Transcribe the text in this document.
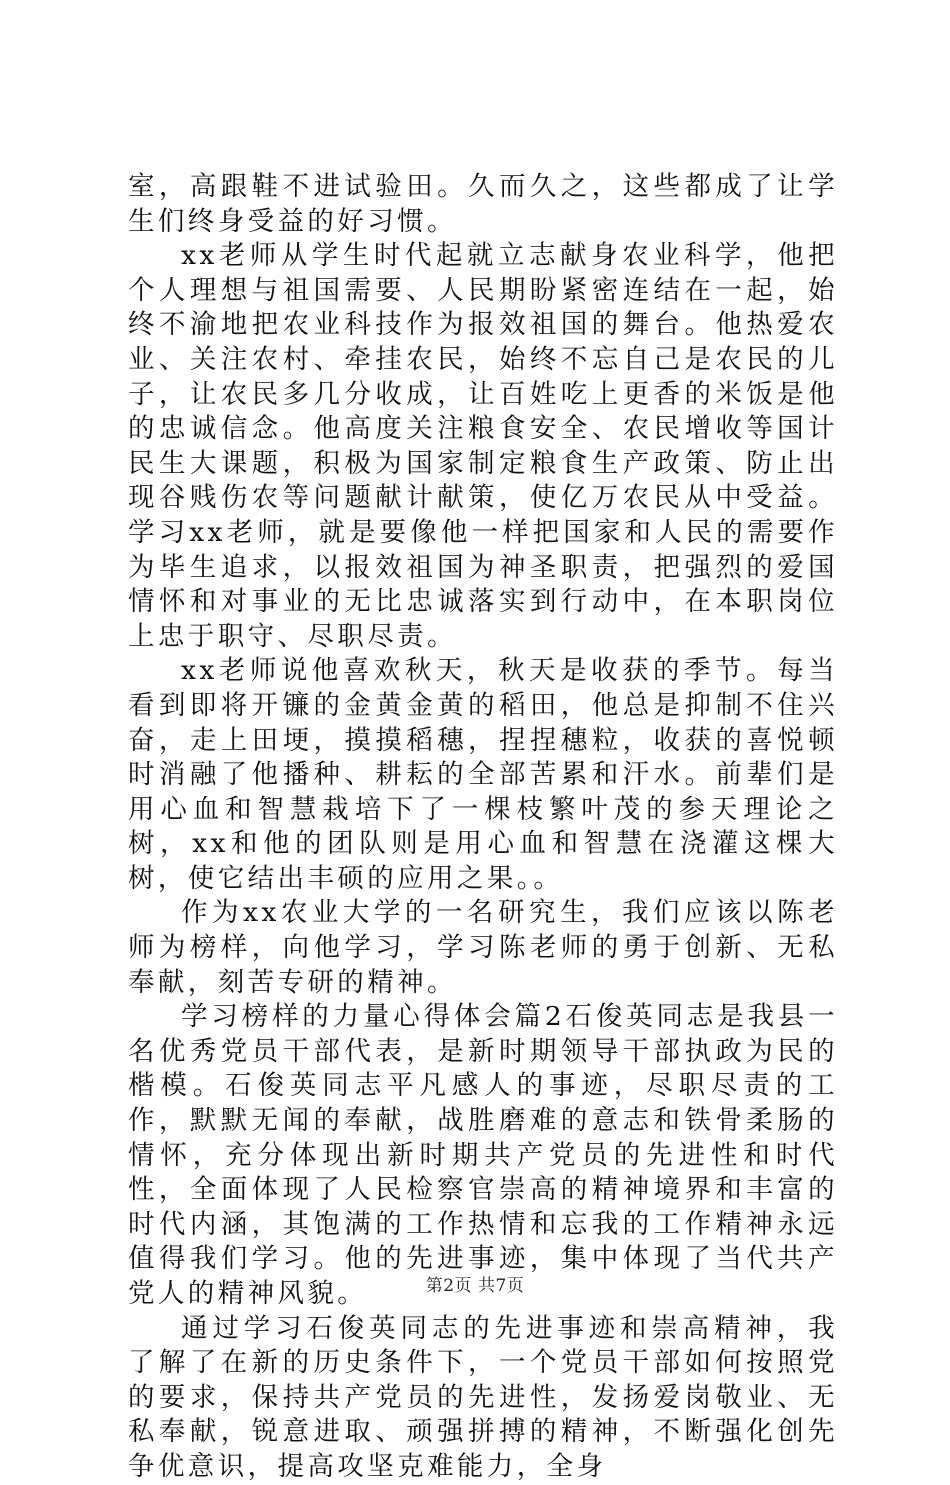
室，高跟鞋不进试验田。久而久之，这些都成了让学生们终身受益的好习惯。

xx老师从学生时代起就立志献身农业科学，他把个人理想与祖国需要、人民期盼紧密连结在一起，始终不渝地把农业科技作为报效祖国的舞台。他热爱农业、关注农村、牵挂农民，始终不忘自己是农民的儿子，让农民多几分收成，让百姓吃上更香的米饭是他的忠诚信念。他高度关注粮食安全、农民增收等国计民生大课题，积极为国家制定粮食生产政策、防止出现谷贱伤农等问题献计献策，使亿万农民从中受益。学习xx老师，就是要像他一样把国家和人民的需要作为毕生追求，以报效祖国为神圣职责，把强烈的爱国情怀和对事业的无比忠诚落实到行动中，在本职岗位上忠于职守、尽职尽责。

xx老师说他喜欢秋天，秋天是收获的季节。每当看到即将开镰的金黄金黄的稻田，他总是抑制不住兴奋，走上田埂，摸摸稻穗，捏捏穗粒，收获的喜悦顿时消融了他播种、耕耘的全部苦累和汗水。前辈们是用心血和智慧栽培下了一棵枝繁叶茂的参天理论之树，xx和他的团队则是用心血和智慧在浇灌这棵大树，使它结出丰硕的应用之果。。

作为xx农业大学的一名研究生，我们应该以陈老师为榜样，向他学习，学习陈老师的勇于创新、无私奉献，刻苦专研的精神。

学习榜样的力量心得体会篇2石俊英同志是我县一名优秀党员干部代表，是新时期领导干部执政为民的楷模。石俊英同志平凡感人的事迹，尽职尽责的工作，默默无闻的奉献，战胜磨难的意志和铁骨柔肠的情怀，充分体现出新时期共产党员的先进性和时代性，全面体现了人民检察官崇高的精神境界和丰富的时代内涵，其饱满的工作热情和忘我的工作精神永远值得我们学习。他的先进事迹，集中体现了当代共产党人的精神风貌。

通过学习石俊英同志的先进事迹和崇高精神，我了解了在新的历史条件下，一个党员干部如何按照党的要求，保持共产党员的先进性，发扬爱岗敬业、无私奉献，锐意进取、顽强拼搏的精神，不断强化创先争优意识，提高攻坚克难能力，全身

第2页 共7页
